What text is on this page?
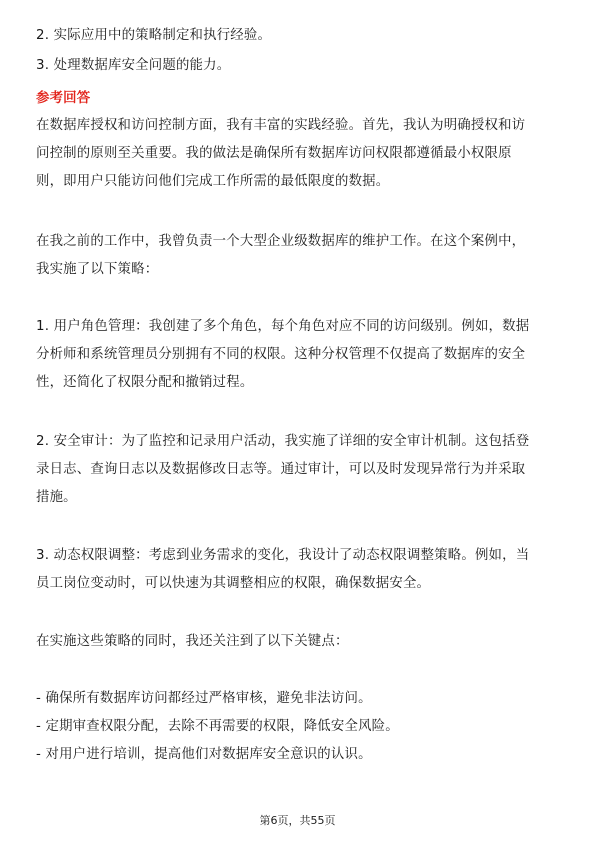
2. 实际应用中的策略制定和执行经验。
3. 处理数据库安全问题的能力。
参考回答
在数据库授权和访问控制方面，我有丰富的实践经验。首先，我认为明确授权和访
问控制的原则至关重要。我的做法是确保所有数据库访问权限都遵循最小权限原
则，即用户只能访问他们完成工作所需的最低限度的数据。
在我之前的工作中，我曾负责一个大型企业级数据库的维护工作。在这个案例中，
我实施了以下策略：
1. 用户角色管理：我创建了多个角色，每个角色对应不同的访问级别。例如，数据
分析师和系统管理员分别拥有不同的权限。这种分权管理不仅提高了数据库的安全
性，还简化了权限分配和撤销过程。
2. 安全审计：为了监控和记录用户活动，我实施了详细的安全审计机制。这包括登
录日志、查询日志以及数据修改日志等。通过审计，可以及时发现异常行为并采取
措施。
3. 动态权限调整：考虑到业务需求的变化，我设计了动态权限调整策略。例如，当
员工岗位变动时，可以快速为其调整相应的权限，确保数据安全。
在实施这些策略的同时，我还关注到了以下关键点：
- 确保所有数据库访问都经过严格审核，避免非法访问。
- 定期审查权限分配，去除不再需要的权限，降低安全风险。
- 对用户进行培训，提高他们对数据库安全意识的认识。
第6页，共55页
